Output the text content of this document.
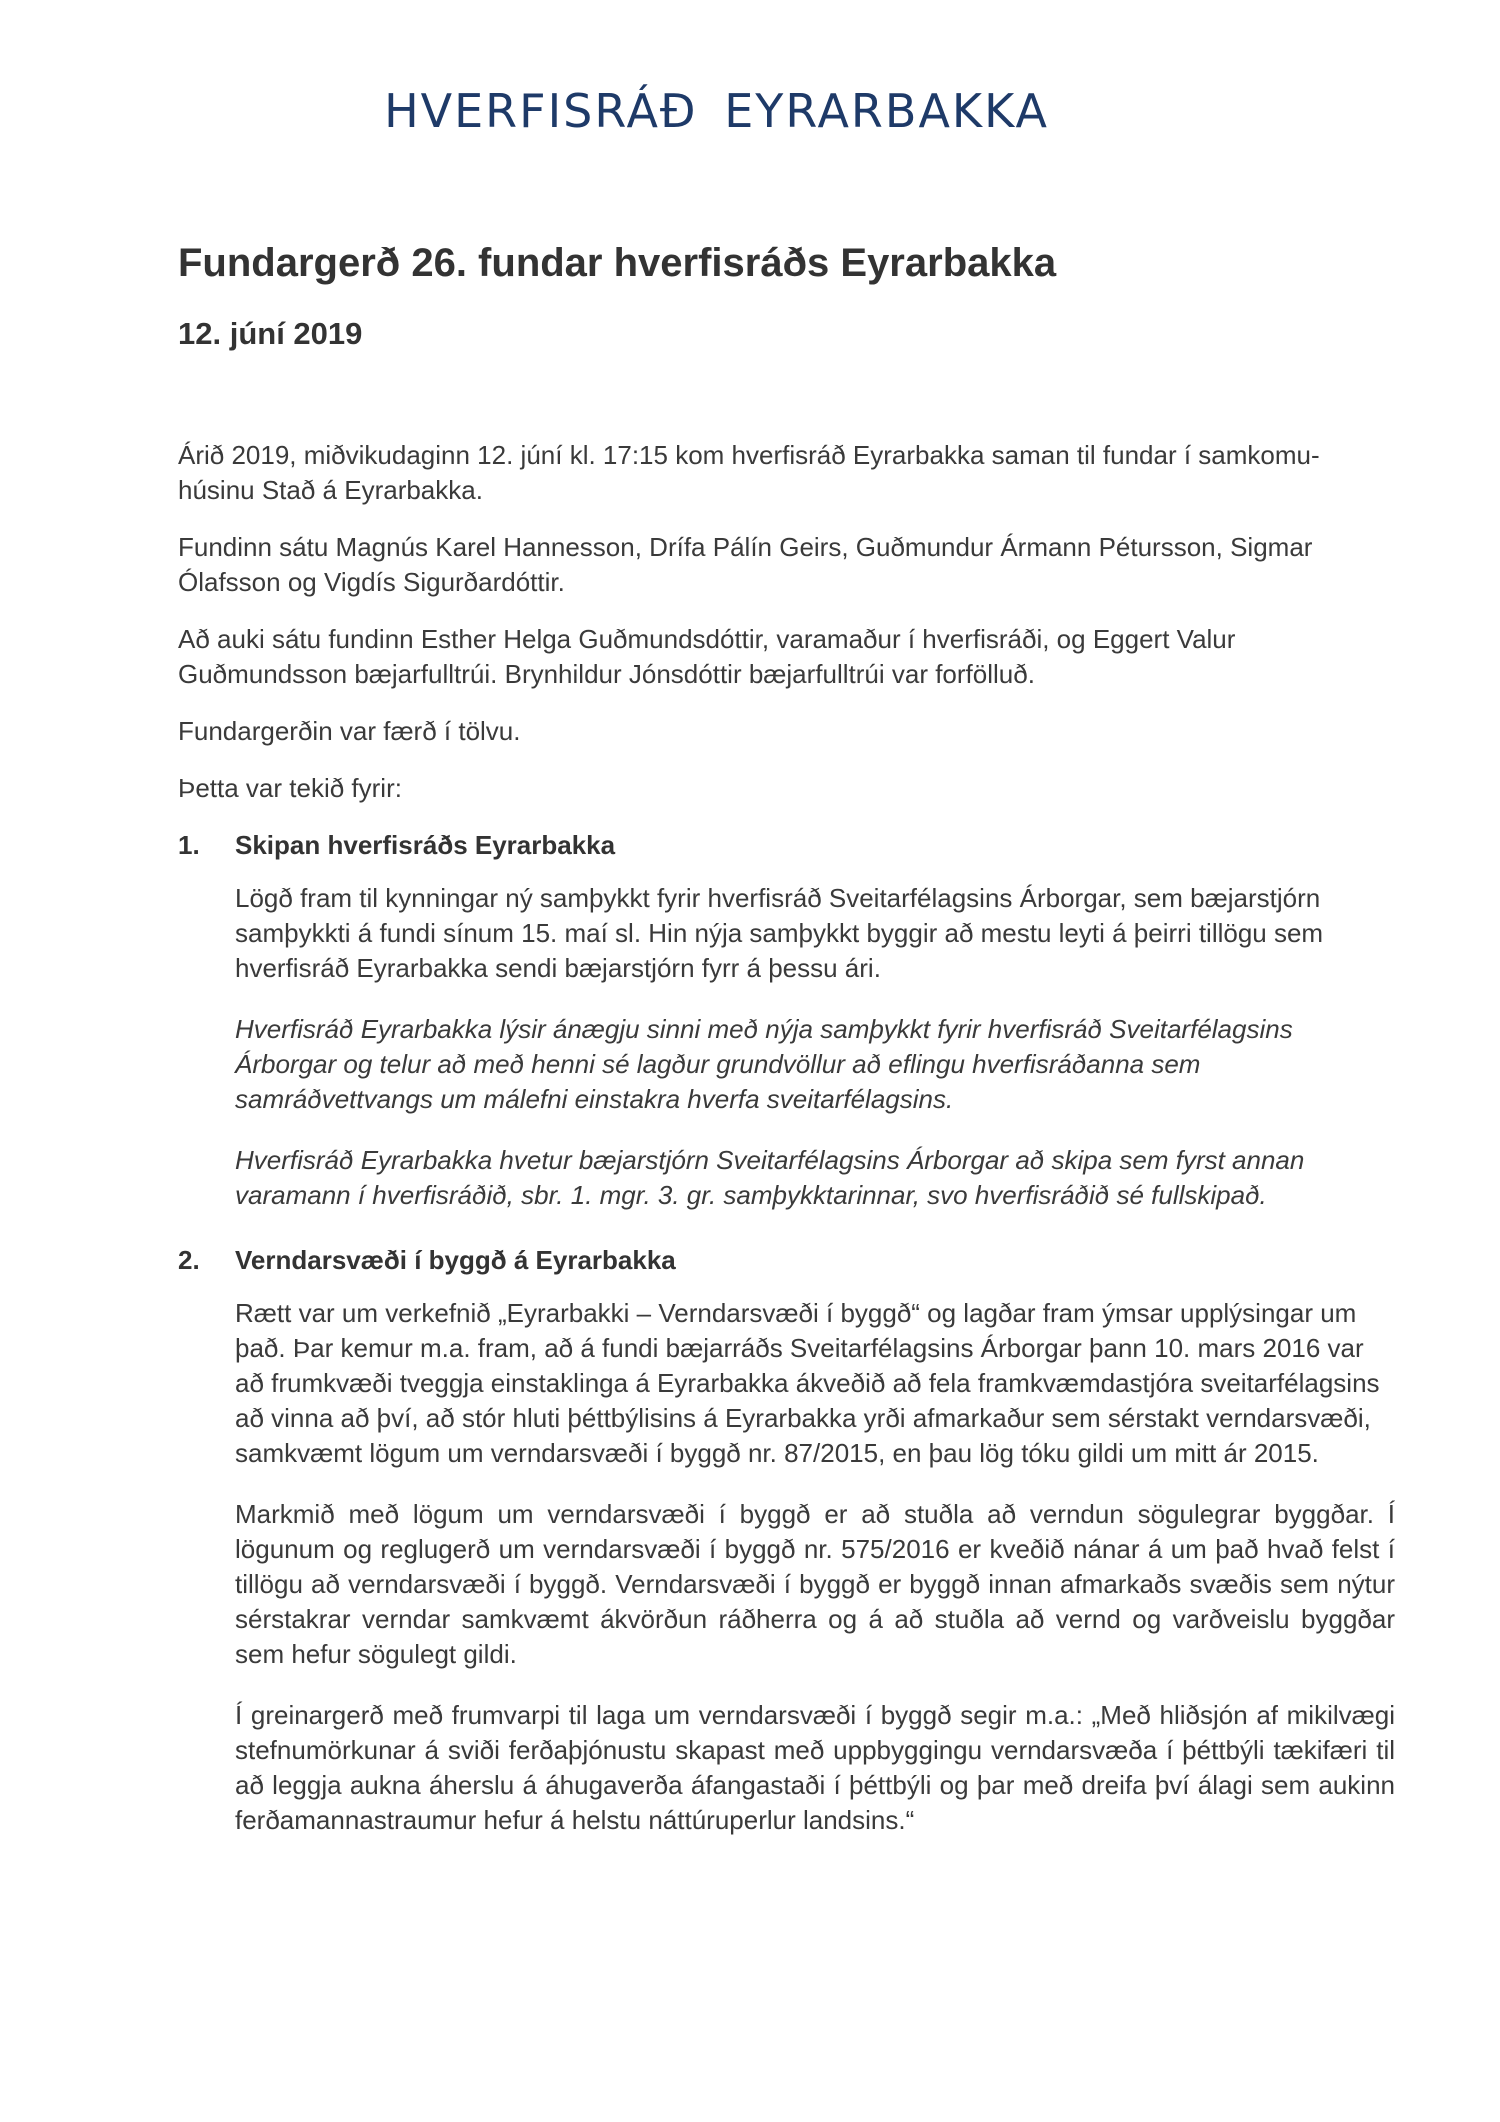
HVERFISRÁÐ EYRARBAKKA
Fundargerð 26. fundar hverfisráðs Eyrarbakka
12. júní 2019

Árið 2019, miðvikudaginn 12. júní kl. 17:15 kom hverfisráð Eyrarbakka saman til fundar í samkomu-húsinu Stað á Eyrarbakka.

Fundinn sátu Magnús Karel Hannesson, Drífa Pálín Geirs, Guðmundur Ármann Pétursson, Sigmar Ólafsson og Vigdís Sigurðardóttir.

Að auki sátu fundinn Esther Helga Guðmundsdóttir, varamaður í hverfisráði, og Eggert Valur Guðmundsson bæjarfulltrúi. Brynhildur Jónsdóttir bæjarfulltrúi var forfölluð.

Fundargerðin var færð í tölvu.

Þetta var tekið fyrir:

1.	Skipan hverfisráðs Eyrarbakka

Lögð fram til kynningar ný samþykkt fyrir hverfisráð Sveitarfélagsins Árborgar, sem bæjarstjórn samþykkti á fundi sínum 15. maí sl. Hin nýja samþykkt byggir að mestu leyti á þeirri tillögu sem hverfisráð Eyrarbakka sendi bæjarstjórn fyrr á þessu ári.

Hverfisráð Eyrarbakka lýsir ánægju sinni með nýja samþykkt fyrir hverfisráð Sveitarfélagsins Árborgar og telur að með henni sé lagður grundvöllur að eflingu hverfisráðanna sem samráðvettvangs um málefni einstakra hverfa sveitarfélagsins.

Hverfisráð Eyrarbakka hvetur bæjarstjórn Sveitarfélagsins Árborgar að skipa sem fyrst annan varamann í hverfisráðið, sbr. 1. mgr. 3. gr. samþykktarinnar, svo hverfisráðið sé fullskipað.

2.	Verndarsvæði í byggð á Eyrarbakka

Rætt var um verkefnið „Eyrarbakki – Verndarsvæði í byggð“ og lagðar fram ýmsar upplýsingar um það. Þar kemur m.a. fram, að á fundi bæjarráðs Sveitarfélagsins Árborgar þann 10. mars 2016 var að frumkvæði tveggja einstaklinga á Eyrarbakka ákveðið að fela framkvæmdastjóra sveitarfélagsins að vinna að því, að stór hluti þéttbýlisins á Eyrarbakka yrði afmarkaður sem sérstakt verndarsvæði, samkvæmt lögum um verndarsvæði í byggð nr. 87/2015, en þau lög tóku gildi um mitt ár 2015.

Markmið með lögum um verndarsvæði í byggð er að stuðla að verndun sögulegrar byggðar. Í lögunum og reglugerð um verndarsvæði í byggð nr. 575/2016 er kveðið nánar á um það hvað felst í tillögu að verndarsvæði í byggð. Verndarsvæði í byggð er byggð innan afmarkaðs svæðis sem nýtur sérstakrar verndar samkvæmt ákvörðun ráðherra og á að stuðla að vernd og varðveislu byggðar sem hefur sögulegt gildi.

Í greinargerð með frumvarpi til laga um verndarsvæði í byggð segir m.a.: „Með hliðsjón af mikilvægi stefnumörkunar á sviði ferðaþjónustu skapast með uppbyggingu verndarsvæða í þéttbýli tækifæri til að leggja aukna áherslu á áhugaverða áfangastaði í þéttbýli og þar með dreifa því álagi sem aukinn ferðamannastraumur hefur á helstu náttúruperlur landsins.“
